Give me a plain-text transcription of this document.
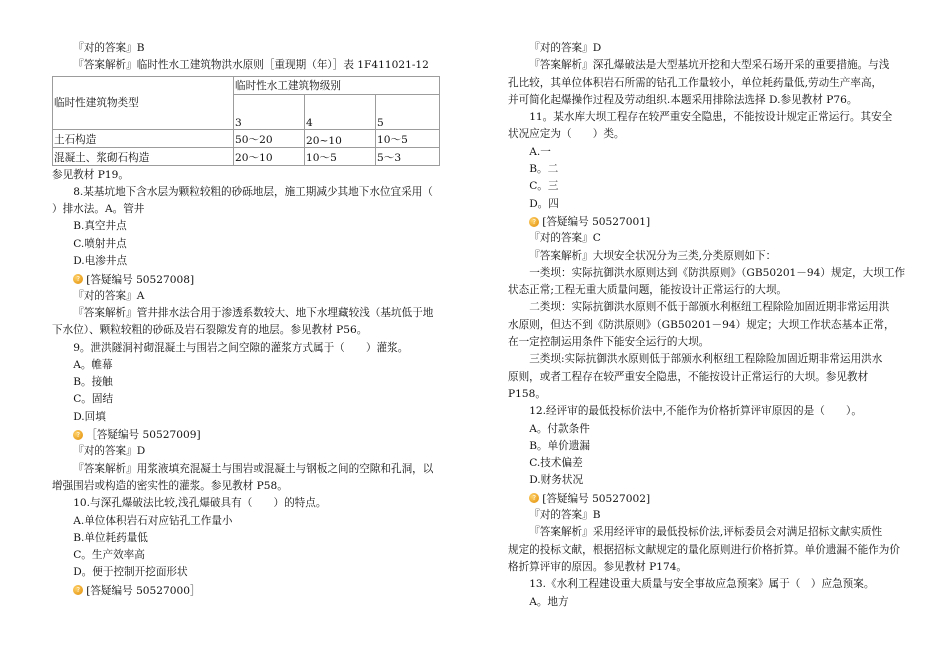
『对的答案』B

『答案解析』临时性水工建筑物洪水原则［重现期（年）］表 1F411021-12

临时性建筑物类型	临时性水工建筑物级别		
	3	4	5
土石构造	50～20	20~10	10～5
混凝土、浆砌石构造	20～10	10～5	5～3

参见教材 P19。

8.某基坑地下含水层为颗粒较粗的砂砾地层，施工期减少其地下水位宜采用（

）排水法。A。管井

B.真空井点

C.喷射井点

D.电渗井点

? [答疑编号 50527008]

『对的答案』A

『答案解析』管井排水法合用于渗透系数较大、地下水埋藏较浅（基坑低于地

下水位）、颗粒较粗的砂砾及岩石裂隙发育的地层。参见教材 P56。

9。泄洪隧洞衬砌混凝土与围岩之间空隙的灌浆方式属于（　　）灌浆。

A。帷幕

B。接触

C。固结

D.回填

? ［答疑编号 50527009]

『对的答案』D

『答案解析』用浆液填充混凝土与围岩或混凝土与钢板之间的空隙和孔洞，以

增强围岩或构造的密实性的灌浆。参见教材 P58。

10.与深孔爆破法比较,浅孔爆破具有（　　）的特点。

A.单位体积岩石对应钻孔工作量小

B.单位耗药量低

C。生产效率高

D。便于控制开挖面形状

? [答疑编号 50527000］

『对的答案』D

『答案解析』深孔爆破法是大型基坑开挖和大型采石场开采的重要措施。与浅

孔比较，其单位体积岩石所需的钻孔工作量较小，单位耗药量低,劳动生产率高，

并可简化起爆操作过程及劳动组织.本题采用排除法选择 D.参见教材 P76。

11。某水库大坝工程存在较严重安全隐患，不能按设计规定正常运行。其安全

状况应定为（　　）类。

A.一

B。二

C。三

D。四

? [答疑编号 50527001]

『对的答案』C

『答案解析』大坝安全状况分为三类,分类原则如下：

一类坝：实际抗御洪水原则达到《防洪原则》（GB50201－94）规定，大坝工作

状态正常;工程无重大质量问题，能按设计正常运行的大坝。

二类坝：实际抗御洪水原则不低于部颁水利枢纽工程除险加固近期非常运用洪

水原则，但达不到《防洪原则》（GB50201－94）规定；大坝工作状态基本正常，

在一定控制运用条件下能安全运行的大坝。

三类坝:实际抗御洪水原则低于部颁水利枢纽工程除险加固近期非常运用洪水

原则，或者工程存在较严重安全隐患，不能按设计正常运行的大坝。参见教材

P158。

12.经评审的最低投标价法中,不能作为价格折算评审原因的是（　　）。

A。付款条件

B。单价遗漏

C.技术偏差

D.财务状况

? [答疑编号 50527002]

『对的答案』B

『答案解析』采用经评审的最低投标价法,评标委员会对满足招标文献实质性

规定的投标文献，根据招标文献规定的量化原则进行价格折算。单价遗漏不能作为价

格折算评审的原因。参见教材 P174。

13.《水利工程建设重大质量与安全事故应急预案》属于（　）应急预案。

A。地方
